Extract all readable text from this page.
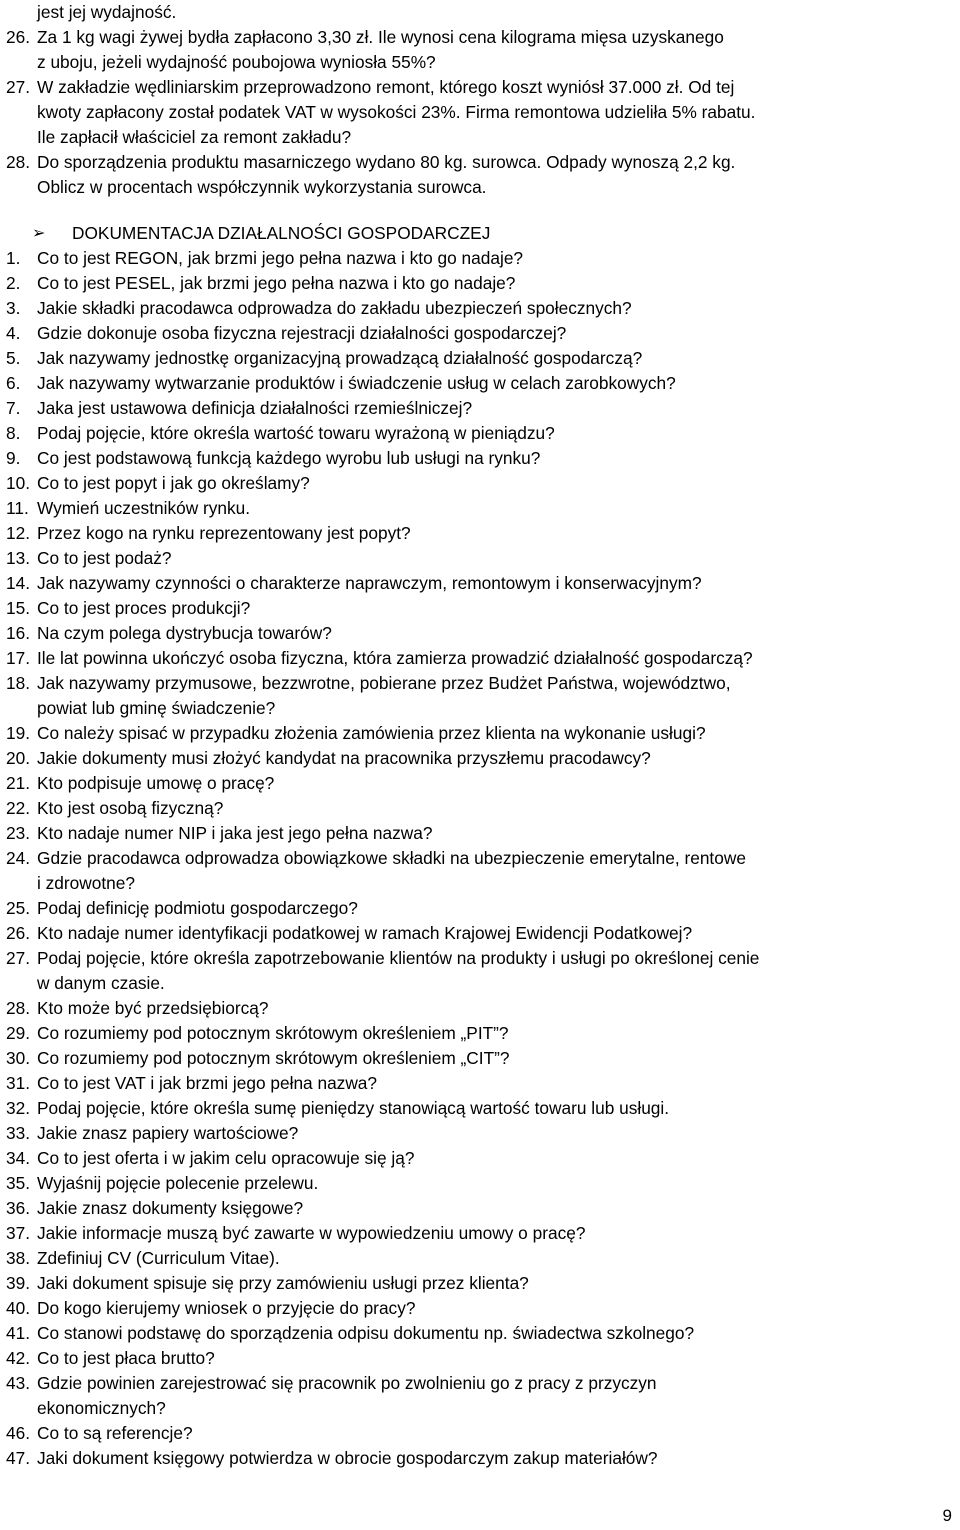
jest jej wydajność.
26. Za 1 kg wagi żywej bydła zapłacono 3,30 zł. Ile wynosi cena kilograma mięsa uzyskanego
z uboju, jeżeli wydajność poubojowa wyniosła 55%?
27. W zakładzie wędliniarskim przeprowadzono remont, którego koszt wyniósł 37.000 zł. Od tej
kwoty zapłacony został podatek VAT w wysokości 23%. Firma remontowa udzieliła 5% rabatu.
Ile zapłacił właściciel za remont zakładu?
28. Do sporządzenia produktu masarniczego wydano 80 kg. surowca. Odpady wynoszą 2,2 kg.
Oblicz w procentach współczynnik wykorzystania surowca.
➢ DOKUMENTACJA DZIAŁALNOŚCI GOSPODARCZEJ
1. Co to jest REGON, jak brzmi jego pełna nazwa i kto go nadaje?
2. Co to jest PESEL, jak brzmi jego pełna nazwa i kto go nadaje?
3. Jakie składki pracodawca odprowadza do zakładu ubezpieczeń społecznych?
4. Gdzie dokonuje osoba fizyczna rejestracji działalności gospodarczej?
5. Jak nazywamy jednostkę organizacyjną prowadzącą działalność gospodarczą?
6. Jak nazywamy wytwarzanie produktów i świadczenie usług w celach zarobkowych?
7. Jaka jest ustawowa definicja działalności rzemieślniczej?
8. Podaj pojęcie, które określa wartość towaru wyrażoną w pieniądzu?
9. Co jest podstawową funkcją każdego wyrobu lub usługi na rynku?
10. Co to jest popyt i jak go określamy?
11. Wymień uczestników rynku.
12. Przez kogo na rynku reprezentowany jest popyt?
13. Co to jest podaż?
14. Jak nazywamy czynności o charakterze naprawczym, remontowym i konserwacyjnym?
15. Co to jest proces produkcji?
16. Na czym polega dystrybucja towarów?
17. Ile lat powinna ukończyć osoba fizyczna, która zamierza prowadzić działalność gospodarczą?
18. Jak nazywamy przymusowe, bezzwrotne, pobierane przez Budżet Państwa, województwo,
powiat lub gminę świadczenie?
19. Co należy spisać w przypadku złożenia zamówienia przez klienta na wykonanie usługi?
20. Jakie dokumenty musi złożyć kandydat na pracownika przyszłemu pracodawcy?
21. Kto podpisuje umowę o pracę?
22. Kto jest osobą fizyczną?
23. Kto nadaje numer NIP i jaka jest jego pełna nazwa?
24. Gdzie pracodawca odprowadza obowiązkowe składki na ubezpieczenie emerytalne, rentowe
i zdrowotne?
25. Podaj definicję podmiotu gospodarczego?
26. Kto nadaje numer identyfikacji podatkowej w ramach Krajowej Ewidencji Podatkowej?
27. Podaj pojęcie, które określa zapotrzebowanie klientów na produkty i usługi po określonej cenie
w danym czasie.
28. Kto może być przedsiębiorcą?
29. Co rozumiemy pod potocznym skrótowym określeniem „PIT”?
30. Co rozumiemy pod potocznym skrótowym określeniem „CIT”?
31. Co to jest VAT i jak brzmi jego pełna nazwa?
32. Podaj pojęcie, które określa sumę pieniędzy stanowiącą wartość towaru lub usługi.
33. Jakie znasz papiery wartościowe?
34. Co to jest oferta i w jakim celu opracowuje się ją?
35. Wyjaśnij pojęcie polecenie przelewu.
36. Jakie znasz dokumenty księgowe?
37. Jakie informacje muszą być zawarte w wypowiedzeniu umowy o pracę?
38. Zdefiniuj CV (Curriculum Vitae).
39. Jaki dokument spisuje się przy zamówieniu usługi przez klienta?
40. Do kogo kierujemy wniosek o przyjęcie do pracy?
41. Co stanowi podstawę do sporządzenia odpisu dokumentu np. świadectwa szkolnego?
42. Co to jest płaca brutto?
43. Gdzie powinien zarejestrować się pracownik po zwolnieniu go z pracy z przyczyn
ekonomicznych?
46. Co to są referencje?
47. Jaki dokument księgowy potwierdza w obrocie gospodarczym zakup materiałów?
9
